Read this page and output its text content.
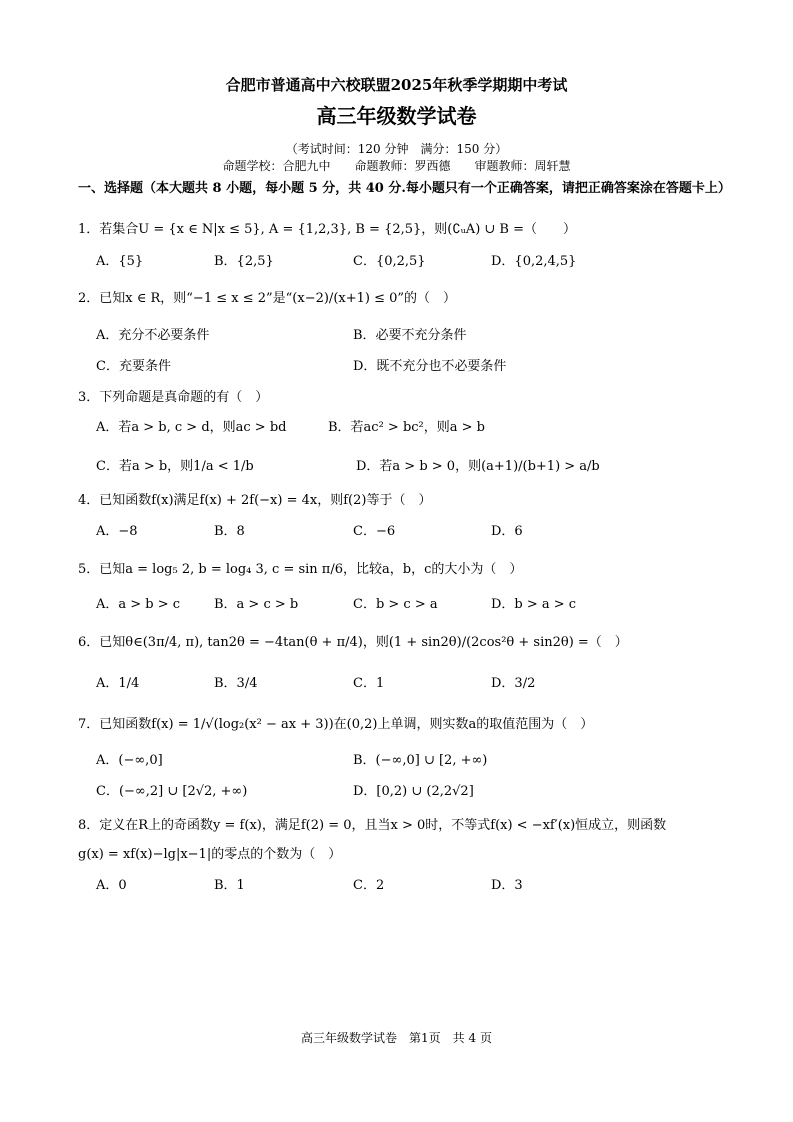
合肥市普通高中六校联盟2025年秋季学期期中考试
高三年级数学试卷
（考试时间：120 分钟　满分：150 分）
命题学校：合肥九中　　命题教师：罗西德　　审题教师：周轩慧
一、选择题（本大题共 8 小题，每小题 5 分，共 40 分.每小题只有一个正确答案，请把正确答案涂在答题卡上）
1．若集合U = {x ∈ N|x ≤ 5}, A = {1,2,3}, B = {2,5}，则(∁ᵤA) ∪ B =（　　）
A．{5}	B．{2,5}	C．{0,2,5}	D．{0,2,4,5}
2．已知x ∈ R，则“−1 ≤ x ≤ 2”是“(x−2)/(x+1) ≤ 0”的（　）
A．充分不必要条件	B．必要不充分条件
C．充要条件	D．既不充分也不必要条件
3．下列命题是真命题的有（　）
A．若a > b, c > d，则ac > bd	B．若ac² > bc²，则a > b
C．若a > b，则1/a < 1/b	D．若a > b > 0，则(a+1)/(b+1) > a/b
4．已知函数f(x)满足f(x) + 2f(−x) = 4x，则f(2)等于（　）
A．−8	B．8	C．−6	D．6
5．已知a = log₅ 2, b = log₄ 3, c = sin π/6，比较a，b，c的大小为（　）
A．a > b > c	B．a > c > b	C．b > c > a	D．b > a > c
6．已知θ∈(3π/4, π), tan2θ = −4tan(θ + π/4)，则(1 + sin2θ)/(2cos²θ + sin2θ) =（　）
A．1/4	B．3/4	C．1	D．3/2
7．已知函数f(x) = 1/√(log₂(x² − ax + 3))在(0,2)上单调，则实数a的取值范围为（　）
A．(−∞,0]	B．(−∞,0] ∪ [2, +∞)
C．(−∞,2] ∪ [2√2, +∞)	D．[0,2) ∪ (2,2√2]
8．定义在R上的奇函数y = f(x)，满足f(2) = 0，且当x > 0时，不等式f(x) < −xf′(x)恒成立，则函数
g(x) = xf(x)−lg|x−1|的零点的个数为（　）
A．0	B．1	C．2	D．3
高三年级数学试卷　第1页　共 4 页
